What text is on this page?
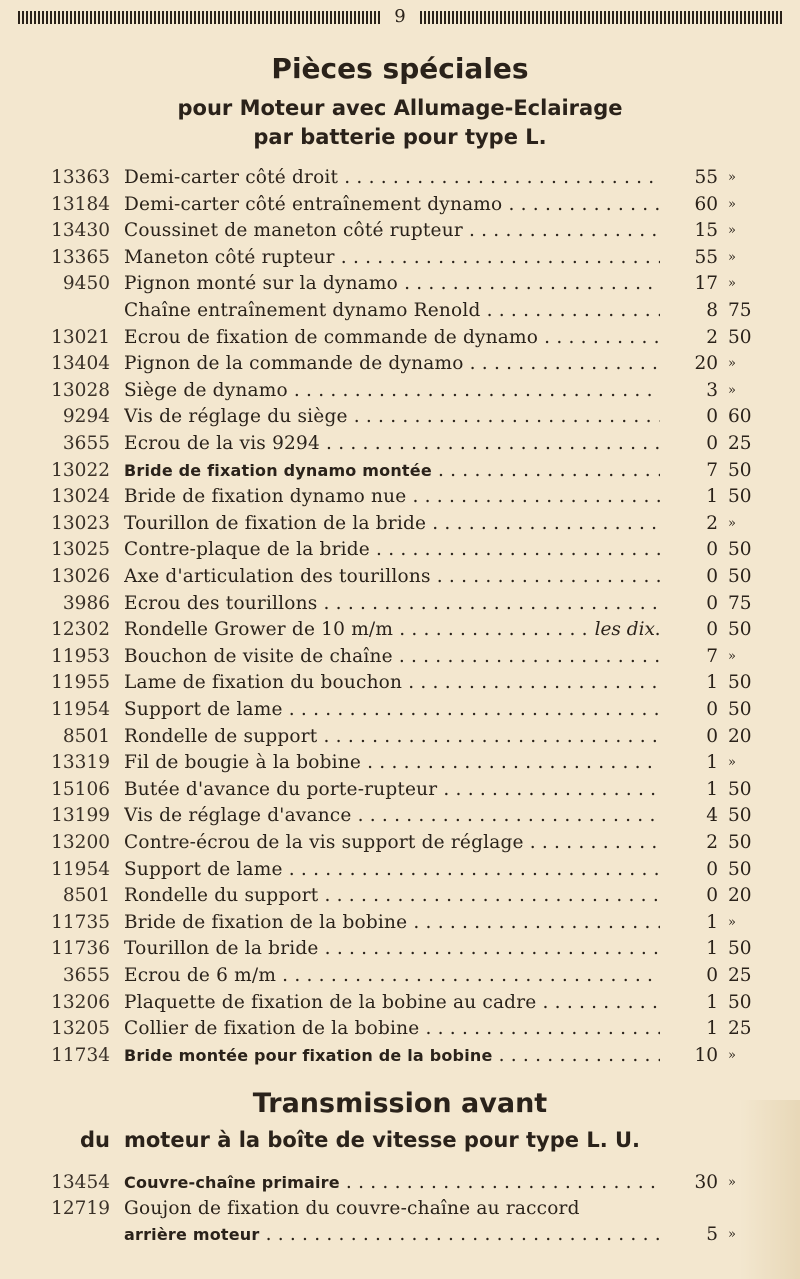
9
Pièces spéciales
pour Moteur avec Allumage-Eclairage
par batterie pour type L.
13363 Demi-carter côté droit . . .	55 »
13184 Demi-carter côté entraînement dynamo . . .	60 »
13430 Coussinet de maneton côté rupteur . . .	15 »
13365 Maneton côté rupteur . . .	55 »
9450 Pignon monté sur la dynamo . . .	17 »
Chaîne entraînement dynamo Renold . . .	8 75
13021 Ecrou de fixation de commande de dynamo . . .	2 50
13404 Pignon de la commande de dynamo . . .	20 »
13028 Siège de dynamo . . .	3 »
9294 Vis de réglage du siège . . .	0 60
3655 Ecrou de la vis 9294 . . .	0 25
13022 Bride de fixation dynamo montée . . .	7 50
13024 Bride de fixation dynamo nue . . .	1 50
13023 Tourillon de fixation de la bride . . .	2 »
13025 Contre-plaque de la bride . . .	0 50
13026 Axe d'articulation des tourillons . . .	0 50
3986 Ecrou des tourillons . . .	0 75
12302 Rondelle Grower de 10 m/m . . .	les dix	0 50
11953 Bouchon de visite de chaîne . . .	7 »
11955 Lame de fixation du bouchon . . .	1 50
11954 Support de lame . . .	0 50
8501 Rondelle de support . . .	0 20
13319 Fil de bougie à la bobine . . .	1 »
15106 Butée d'avance du porte-rupteur . . .	1 50
13199 Vis de réglage d'avance . . .	4 50
13200 Contre-écrou de la vis support de réglage . . .	2 50
11954 Support de lame . . .	0 50
8501 Rondelle du support . . .	0 20
11735 Bride de fixation de la bobine . . .	1 »
11736 Tourillon de la bride . . .	1 50
3655 Ecrou de 6 m/m . . .	0 25
13206 Plaquette de fixation de la bobine au cadre . . .	1 50
13205 Collier de fixation de la bobine . . .	1 25
11734 Bride montée pour fixation de la bobine . . .	10 »
Transmission avant
du moteur à la boîte de vitesse pour type L. U.
13454 Couvre-chaîne primaire . . .	30 »
12719 Goujon de fixation du couvre-chaîne au raccord
arrière moteur . . .	5 »
